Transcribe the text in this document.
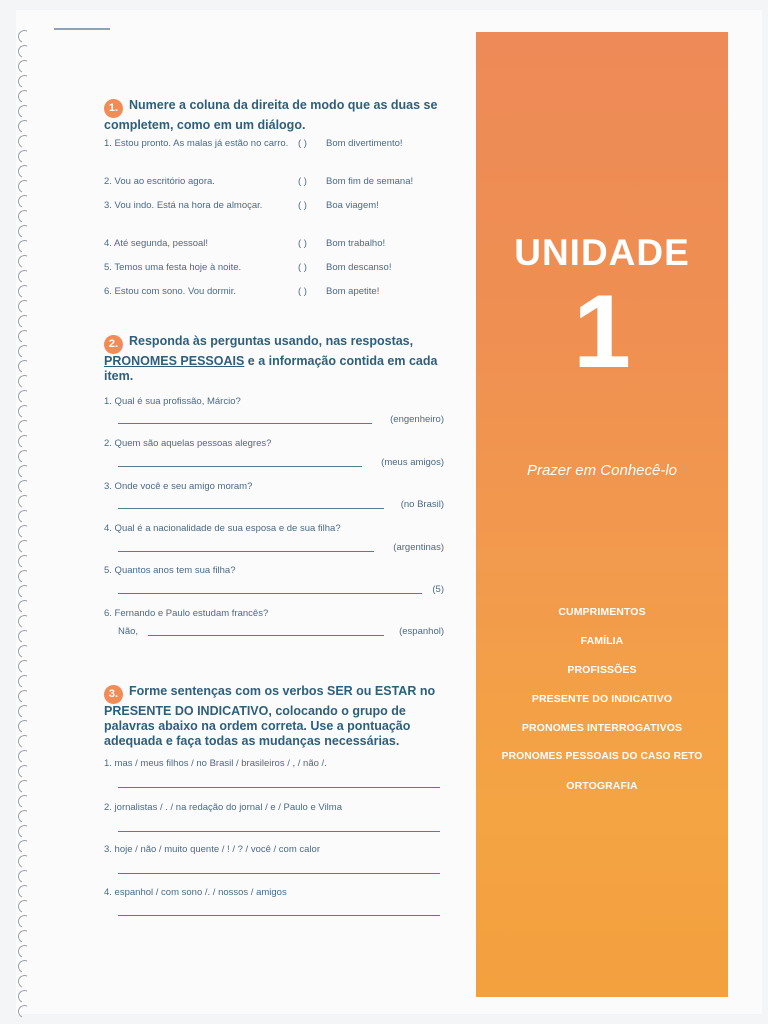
1. Numere a coluna da direita de modo que as duas se completem, como em um diálogo.
1. Estou pronto. As malas já estão no carro. ( ) Bom divertimento!
2. Vou ao escritório agora.	( ) Bom fim de semana!
3. Vou indo. Está na hora de almoçar.	( ) Boa viagem!
4. Até segunda, pessoal!	( ) Bom trabalho!
5. Temos uma festa hoje à noite.	( ) Bom descanso!
6. Estou com sono. Vou dormir.	( ) Bom apetite!
2. Responda às perguntas usando, nas respostas, PRONOMES PESSOAIS e a informação contida em cada item.
1. Qual é sua profissão, Márcio?
(engenheiro)
2. Quem são aquelas pessoas alegres?
(meus amigos)
3. Onde você e seu amigo moram?
(no Brasil)
4. Qual é a nacionalidade de sua esposa e de sua filha?
(argentinas)
5. Quantos anos tem sua filha?
(5)
6. Fernando e Paulo estudam francês?
Não,	(espanhol)
3. Forme sentenças com os verbos SER ou ESTAR no PRESENTE DO INDICATIVO, colocando o grupo de palavras abaixo na ordem correta. Use a pontuação adequada e faça todas as mudanças necessárias.
1. mas / meus filhos / no Brasil / brasileiros / , / não /.
2. jornalistas / . / na redação do jornal / e / Paulo e Vilma
3. hoje / não / muito quente / ! / ? / você / com calor
4. espanhol / com sono /. / nossos / amigos
UNIDADE
1
Prazer em Conhecê-lo
CUMPRIMENTOS
FAMÍLIA
PROFISSÕES
PRESENTE DO INDICATIVO
PRONOMES INTERROGATIVOS
PRONOMES PESSOAIS DO CASO RETO
ORTOGRAFIA
